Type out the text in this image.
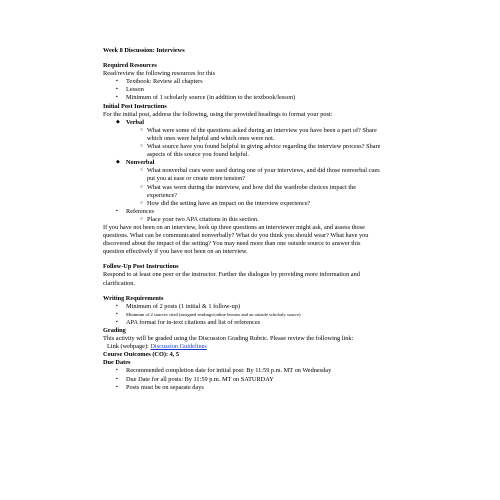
Week 8 Discussion: Interviews
Required Resources
Read/review the following resources for this
▪ Textbook: Review all chapters
▪ Lesson
▪ Minimum of 1 scholarly source (in addition to the textbook/lesson)
Initial Post Instructions
For the initial post, address the following, using the provided headings to format your post:
◆ Verbal
○ What were some of the questions asked during an interview you have been a part of? Share which ones were helpful and which ones were not.
○ What source have you found helpful in giving advice regarding the interview process? Share aspects of this source you found helpful.
◆ Nonverbal
○ What nonverbal cues were used during one of your interviews, and did those nonverbal cues put you at ease or create more tension?
○ What was worn during the interview, and how did the wardrobe choices impact the experience?
○ How did the setting have an impact on the interview experience?
▪ References
○ Place your two APA citations in this section.
If you have not been on an interview, look up three questions an interviewer might ask, and assess those questions. What can be communicated nonverbally? What do you think you should wear? What have you discovered about the impact of the setting? You may need more than one outside source to answer this question effectively if you have not been on an interview.
Follow-Up Post Instructions
Respond to at least one peer or the instructor. Further the dialogue by providing more information and clarification.
Writing Requirements
▪ Minimum of 2 posts (1 initial & 1 follow-up)
▪ Minimum of 2 sources cited (assigned readings/online lessons and an outside scholarly source)
▪ APA format for in-text citations and list of references
Grading
This activity will be graded using the Discussion Grading Rubric. Please review the following link:
Link (webpage): Discussion Guidelines
Course Outcomes (CO): 4, 5
Due Dates
▪ Recommended completion date for initial post: By 11:59 p.m. MT on Wednesday
▪ Due Date for all posts: By 11:59 p.m. MT on SATURDAY
▪ Posts must be on separate days
